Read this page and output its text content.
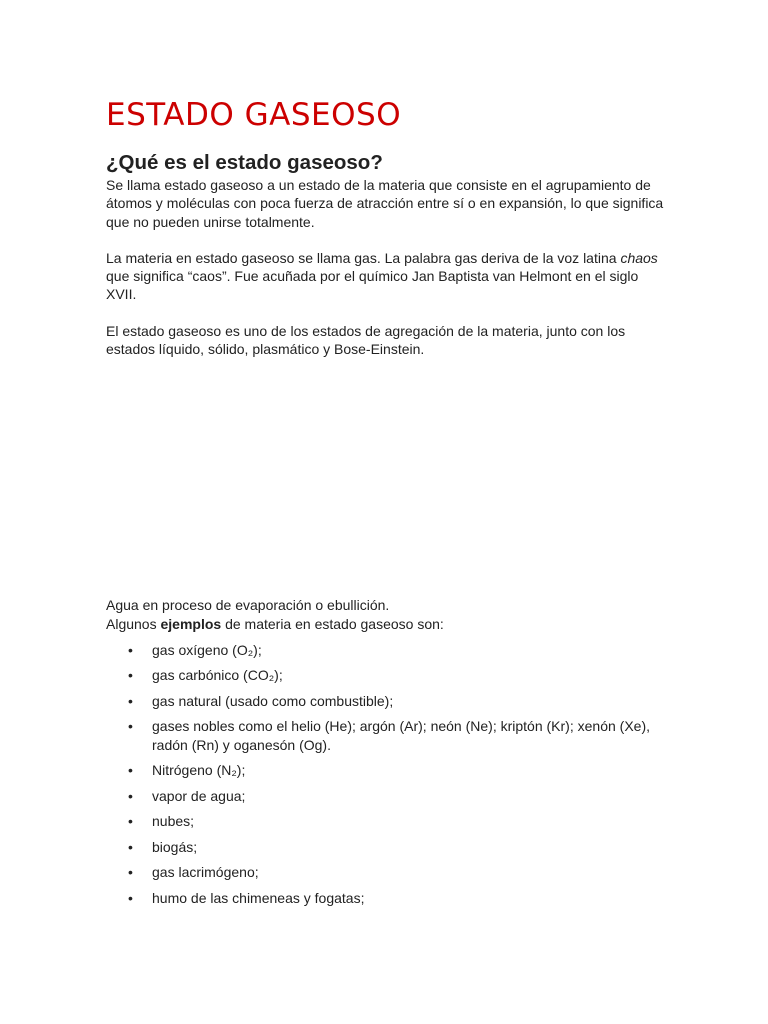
ESTADO GASEOSO
¿Qué es el estado gaseoso?

Se llama estado gaseoso a un estado de la materia que consiste en el agrupamiento de átomos y moléculas con poca fuerza de atracción entre sí o en expansión, lo que significa que no pueden unirse totalmente.

La materia en estado gaseoso se llama gas. La palabra gas deriva de la voz latina chaos que significa “caos”. Fue acuñada por el químico Jan Baptista van Helmont en el siglo XVII.

El estado gaseoso es uno de los estados de agregación de la materia, junto con los estados líquido, sólido, plasmático y Bose-Einstein.

Agua en proceso de evaporación o ebullición.

Algunos ejemplos de materia en estado gaseoso son:

• gas oxígeno (O₂);
• gas carbónico (CO₂);
• gas natural (usado como combustible);
• gases nobles como el helio (He); argón (Ar); neón (Ne); kriptón (Kr); xenón (Xe), radón (Rn) y oganesón (Og).
• Nitrógeno (N₂);
• vapor de agua;
• nubes;
• biogás;
• gas lacrimógeno;
• humo de las chimeneas y fogatas;
